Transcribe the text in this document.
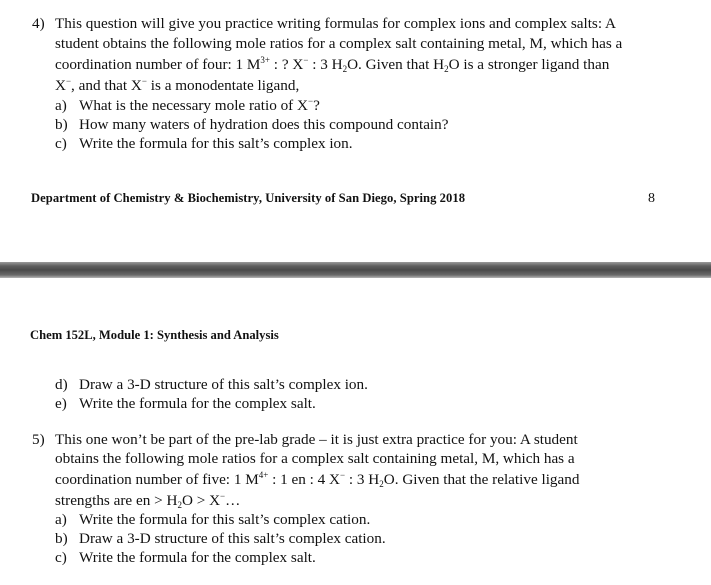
4) This question will give you practice writing formulas for complex ions and complex salts: A
student obtains the following mole ratios for a complex salt containing metal, M, which has a
coordination number of four: 1 $M^{3+}$ : ? X− : 3 $H_2O$. Given that $H_2O$ is a stronger ligand than
X−, and that X− is a monodentate ligand,
a) What is the necessary mole ratio of X−?
b) How many waters of hydration does this compound contain?
c) Write the formula for this salt’s complex ion.
Department of Chemistry & Biochemistry, University of San Diego, Spring 2018	8
Chem 152L, Module 1: Synthesis and Analysis
d) Draw a 3-D structure of this salt’s complex ion.
e) Write the formula for the complex salt.
5) This one won’t be part of the pre-lab grade – it is just extra practice for you: A student
obtains the following mole ratios for a complex salt containing metal, M, which has a
coordination number of five: 1 $M^{4+}$ : 1 en : 4 X− : 3 $H_2O$. Given that the relative ligand
strengths are en > $H_2O$ > X−…
a) Write the formula for this salt’s complex cation.
b) Draw a 3-D structure of this salt’s complex cation.
c) Write the formula for the complex salt.
